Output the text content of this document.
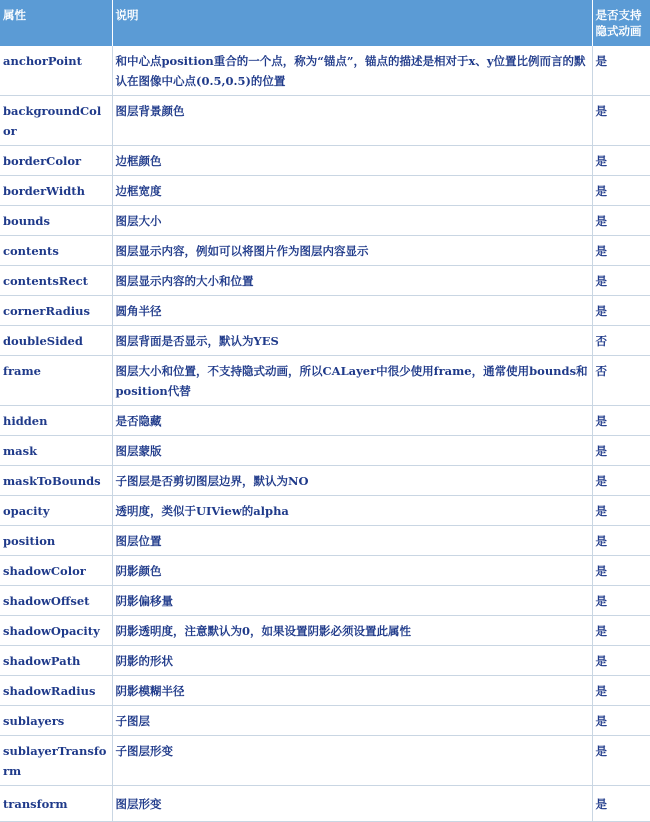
属性	说明	是否支持隐式动画
anchorPoint	和中心点position重合的一个点，称为“锚点”，锚点的描述是相对于x、y位置比例而言的默认在图像中心点(0.5,0.5)的位置	是
backgroundColor	图层背景颜色	是
borderColor	边框颜色	是
borderWidth	边框宽度	是
bounds	图层大小	是
contents	图层显示内容，例如可以将图片作为图层内容显示	是
contentsRect	图层显示内容的大小和位置	是
cornerRadius	圆角半径	是
doubleSided	图层背面是否显示，默认为YES	否
frame	图层大小和位置，不支持隐式动画，所以CALayer中很少使用frame，通常使用bounds和position代替	否
hidden	是否隐藏	是
mask	图层蒙版	是
maskToBounds	子图层是否剪切图层边界，默认为NO	是
opacity	透明度，类似于UIView的alpha	是
position	图层位置	是
shadowColor	阴影颜色	是
shadowOffset	阴影偏移量	是
shadowOpacity	阴影透明度，注意默认为0，如果设置阴影必须设置此属性	是
shadowPath	阴影的形状	是
shadowRadius	阴影模糊半径	是
sublayers	子图层	是
sublayerTransform	子图层形变	是
transform	图层形变	是
